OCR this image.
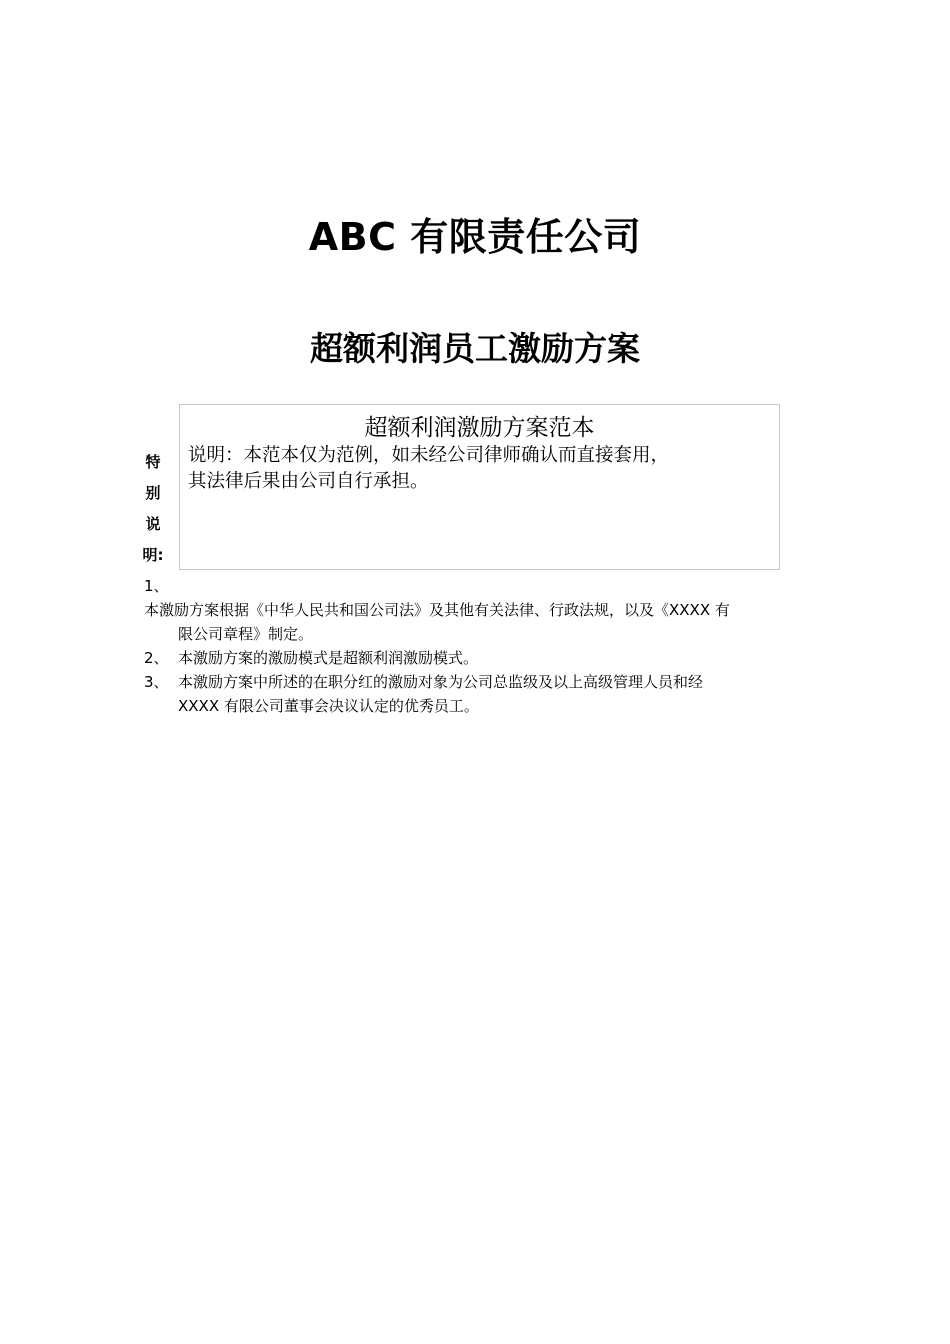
ABC 有限责任公司
超额利润员工激励方案
特
别
说
明:
超额利润激励方案范本
说明：本范本仅为范例，如未经公司律师确认而直接套用，
其法律后果由公司自行承担。
1、
本激励方案根据《中华人民共和国公司法》及其他有关法律、行政法规，以及《XXXX 有
限公司章程》制定。
2、 本激励方案的激励模式是超额利润激励模式。
3、 本激励方案中所述的在职分红的激励对象为公司总监级及以上高级管理人员和经
XXXX 有限公司董事会决议认定的优秀员工。
